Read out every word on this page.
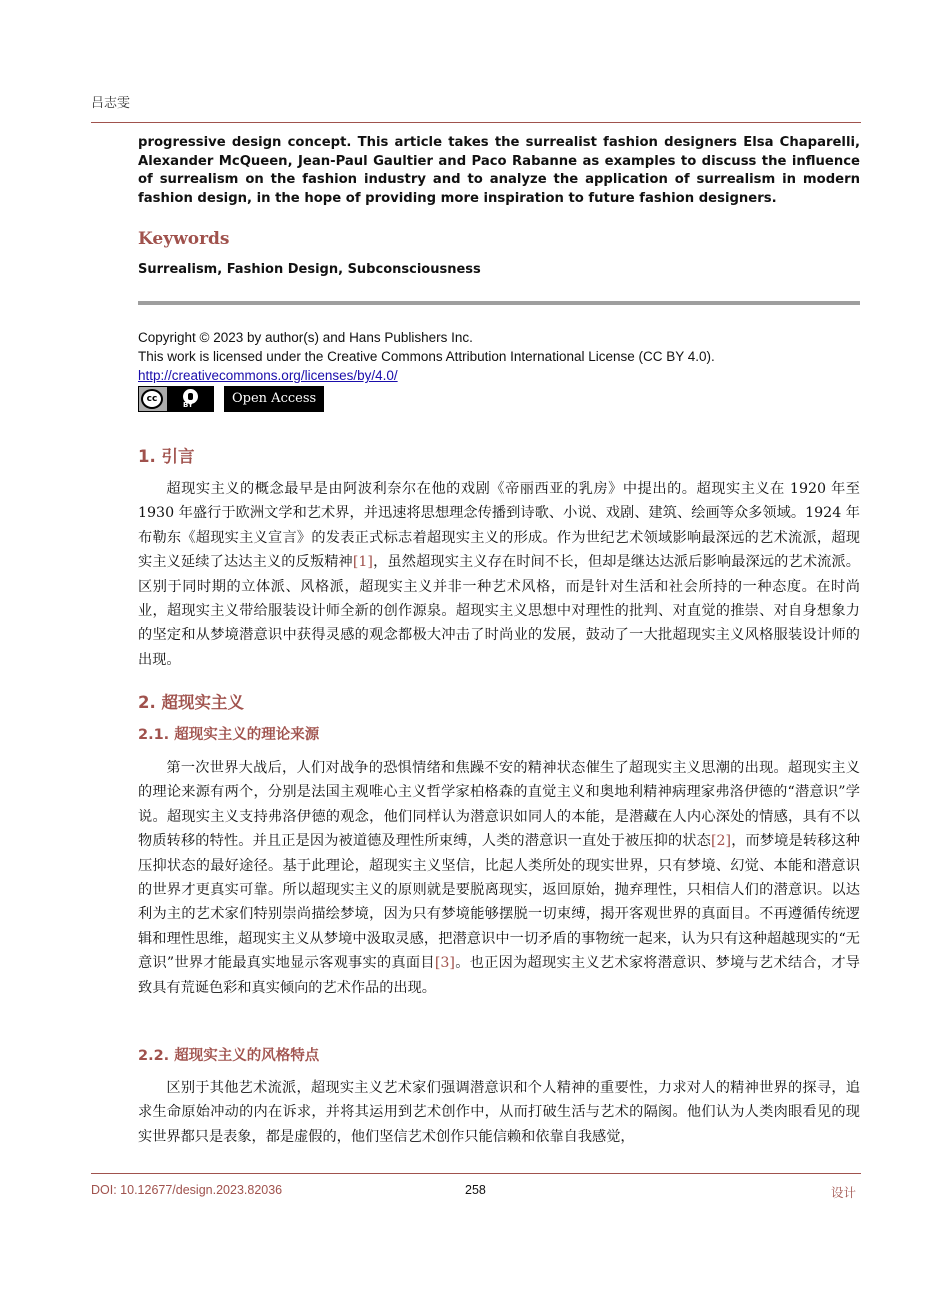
吕志雯

progressive design concept. This article takes the surrealist fashion designers Elsa Chaparelli, Alexander McQueen, Jean-Paul Gaultier and Paco Rabanne as examples to discuss the influence of surrealism on the fashion industry and to analyze the application of surrealism in modern fashion design, in the hope of providing more inspiration to future fashion designers.

Keywords

Surrealism, Fashion Design, Subconsciousness

Copyright © 2023 by author(s) and Hans Publishers Inc.
This work is licensed under the Creative Commons Attribution International License (CC BY 4.0).
http://creativecommons.org/licenses/by/4.0/
cc
BY	Open Access
1. 引言

超现实主义的概念最早是由阿波利奈尔在他的戏剧《帝丽西亚的乳房》中提出的。超现实主义在 1920 年至 1930 年盛行于欧洲文学和艺术界，并迅速将思想理念传播到诗歌、小说、戏剧、建筑、绘画等众多领域。1924 年布勒东《超现实主义宣言》的发表正式标志着超现实主义的形成。作为世纪艺术领域影响最深远的艺术流派，超现实主义延续了达达主义的反叛精神[1]，虽然超现实主义存在时间不长，但却是继达达派后影响最深远的艺术流派。区别于同时期的立体派、风格派，超现实主义并非一种艺术风格，而是针对生活和社会所持的一种态度。在时尚业，超现实主义带给服装设计师全新的创作源泉。超现实主义思想中对理性的批判、对直觉的推崇、对自身想象力的坚定和从梦境潜意识中获得灵感的观念都极大冲击了时尚业的发展，鼓动了一大批超现实主义风格服装设计师的出现。

2. 超现实主义
2.1. 超现实主义的理论来源

第一次世界大战后，人们对战争的恐惧情绪和焦躁不安的精神状态催生了超现实主义思潮的出现。超现实主义的理论来源有两个，分别是法国主观唯心主义哲学家柏格森的直觉主义和奥地利精神病理家弗洛伊德的“潜意识”学说。超现实主义支持弗洛伊德的观念，他们同样认为潜意识如同人的本能，是潜藏在人内心深处的情感，具有不以物质转移的特性。并且正是因为被道德及理性所束缚，人类的潜意识一直处于被压抑的状态[2]，而梦境是转移这种压抑状态的最好途径。基于此理论，超现实主义坚信，比起人类所处的现实世界，只有梦境、幻觉、本能和潜意识的世界才更真实可靠。所以超现实主义的原则就是要脱离现实，返回原始，抛弃理性，只相信人们的潜意识。以达利为主的艺术家们特别崇尚描绘梦境，因为只有梦境能够摆脱一切束缚，揭开客观世界的真面目。不再遵循传统逻辑和理性思维，超现实主义从梦境中汲取灵感，把潜意识中一切矛盾的事物统一起来，认为只有这种超越现实的“无意识”世界才能最真实地显示客观事实的真面目[3]。也正因为超现实主义艺术家将潜意识、梦境与艺术结合，才导致具有荒诞色彩和真实倾向的艺术作品的出现。

2.2. 超现实主义的风格特点

区别于其他艺术流派，超现实主义艺术家们强调潜意识和个人精神的重要性，力求对人的精神世界的探寻，追求生命原始冲动的内在诉求，并将其运用到艺术创作中，从而打破生活与艺术的隔阂。他们认为人类肉眼看见的现实世界都只是表象，都是虚假的，他们坚信艺术创作只能信赖和依靠自我感觉，

DOI: 10.12677/design.2023.82036	258	设计
